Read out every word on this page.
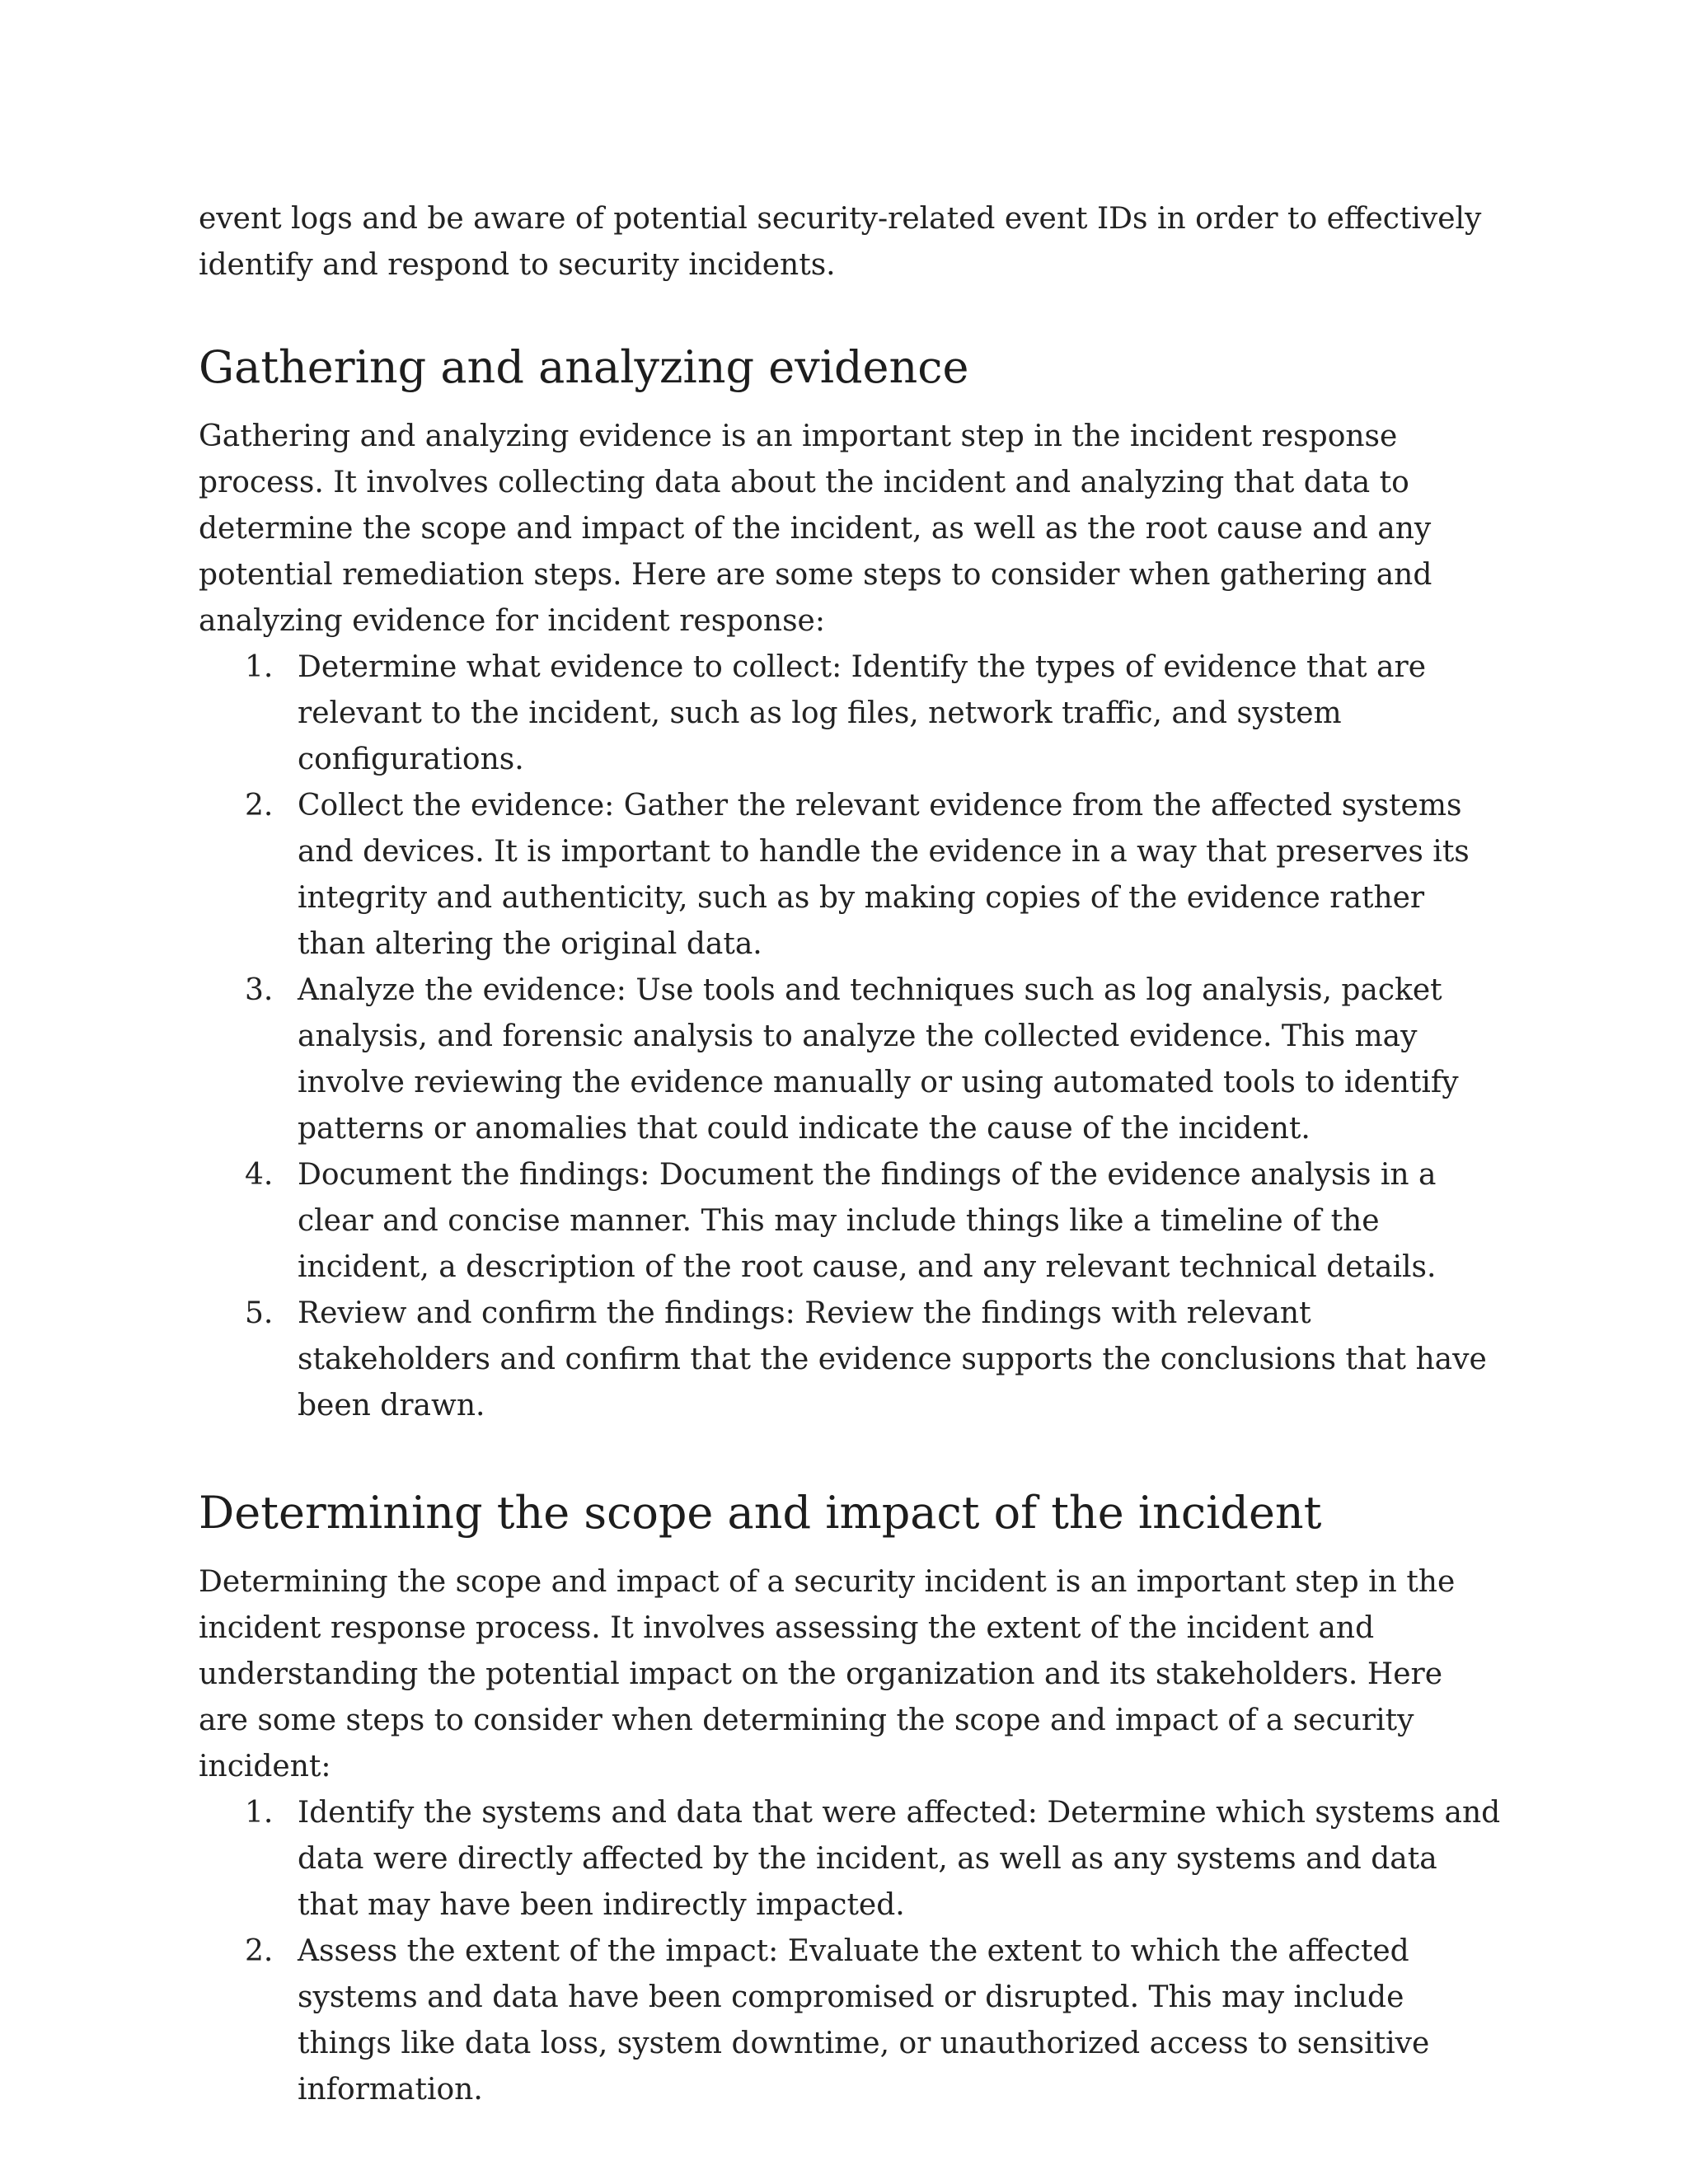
event logs and be aware of potential security-related event IDs in order to effectively identify and respond to security incidents.

Gathering and analyzing evidence

Gathering and analyzing evidence is an important step in the incident response process. It involves collecting data about the incident and analyzing that data to determine the scope and impact of the incident, as well as the root cause and any potential remediation steps. Here are some steps to consider when gathering and analyzing evidence for incident response:

1. Determine what evidence to collect: Identify the types of evidence that are relevant to the incident, such as log files, network traffic, and system configurations.
2. Collect the evidence: Gather the relevant evidence from the affected systems and devices. It is important to handle the evidence in a way that preserves its integrity and authenticity, such as by making copies of the evidence rather than altering the original data.
3. Analyze the evidence: Use tools and techniques such as log analysis, packet analysis, and forensic analysis to analyze the collected evidence. This may involve reviewing the evidence manually or using automated tools to identify patterns or anomalies that could indicate the cause of the incident.
4. Document the findings: Document the findings of the evidence analysis in a clear and concise manner. This may include things like a timeline of the incident, a description of the root cause, and any relevant technical details.
5. Review and confirm the findings: Review the findings with relevant stakeholders and confirm that the evidence supports the conclusions that have been drawn.
Determining the scope and impact of the incident

Determining the scope and impact of a security incident is an important step in the incident response process. It involves assessing the extent of the incident and understanding the potential impact on the organization and its stakeholders. Here are some steps to consider when determining the scope and impact of a security incident:

1. Identify the systems and data that were affected: Determine which systems and data were directly affected by the incident, as well as any systems and data that may have been indirectly impacted.
2. Assess the extent of the impact: Evaluate the extent to which the affected systems and data have been compromised or disrupted. This may include things like data loss, system downtime, or unauthorized access to sensitive information.
